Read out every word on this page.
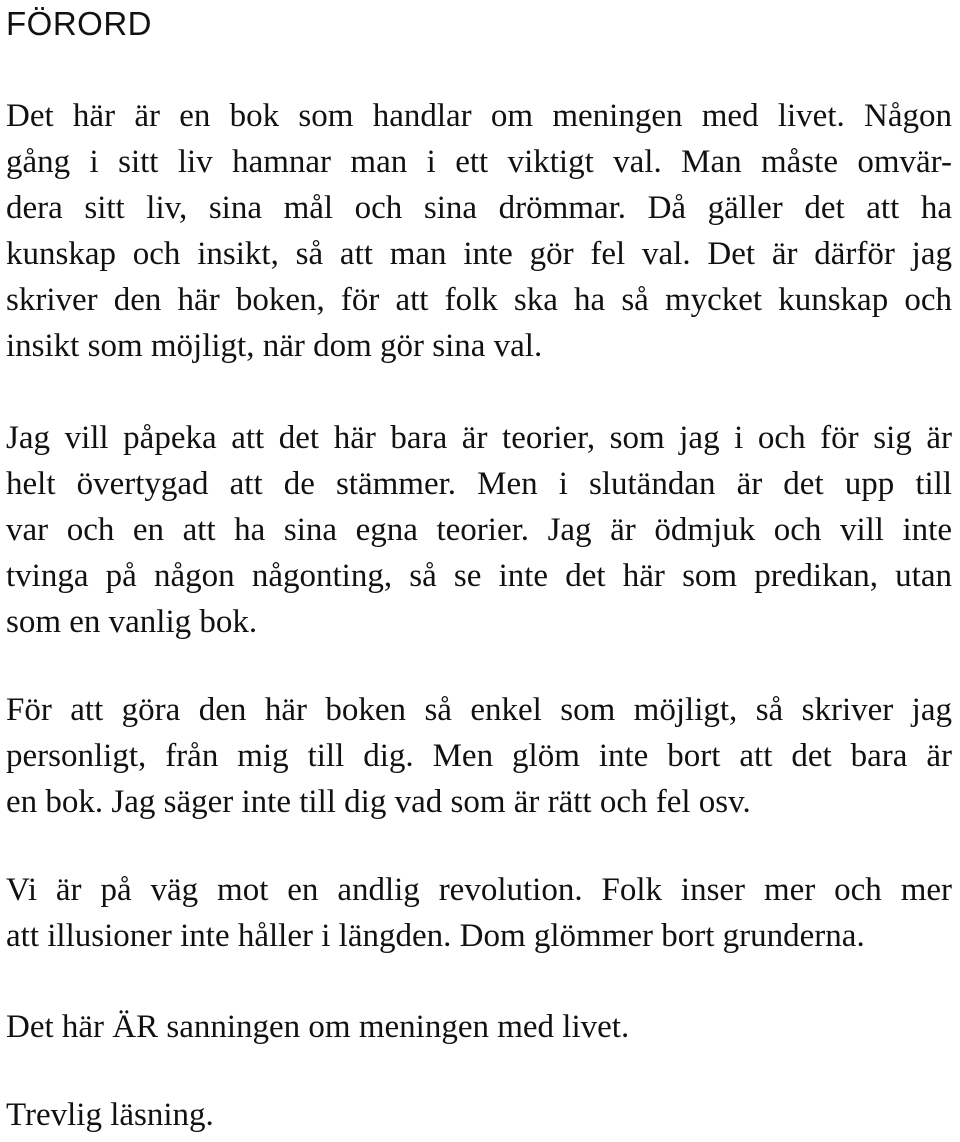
FÖRORD

Det här är en bok som handlar om meningen med livet. Någon

gång i sitt liv hamnar man i ett viktigt val. Man måste omvär-

dera sitt liv, sina mål och sina drömmar. Då gäller det att ha

kunskap och insikt, så att man inte gör fel val. Det är därför jag

skriver den här boken, för att folk ska ha så mycket kunskap och

insikt som möjligt, när dom gör sina val.

Jag vill påpeka att det här bara är teorier, som jag i och för sig är

helt övertygad att de stämmer. Men i slutändan är det upp till

var och en att ha sina egna teorier. Jag är ödmjuk och vill inte

tvinga på någon någonting, så se inte det här som predikan, utan

som en vanlig bok.

För att göra den här boken så enkel som möjligt, så skriver jag

personligt, från mig till dig. Men glöm inte bort att det bara är

en bok. Jag säger inte till dig vad som är rätt och fel osv.

Vi är på väg mot en andlig revolution. Folk inser mer och mer

att illusioner inte håller i längden. Dom glömmer bort grunderna.

Det här ÄR sanningen om meningen med livet.

Trevlig läsning.
